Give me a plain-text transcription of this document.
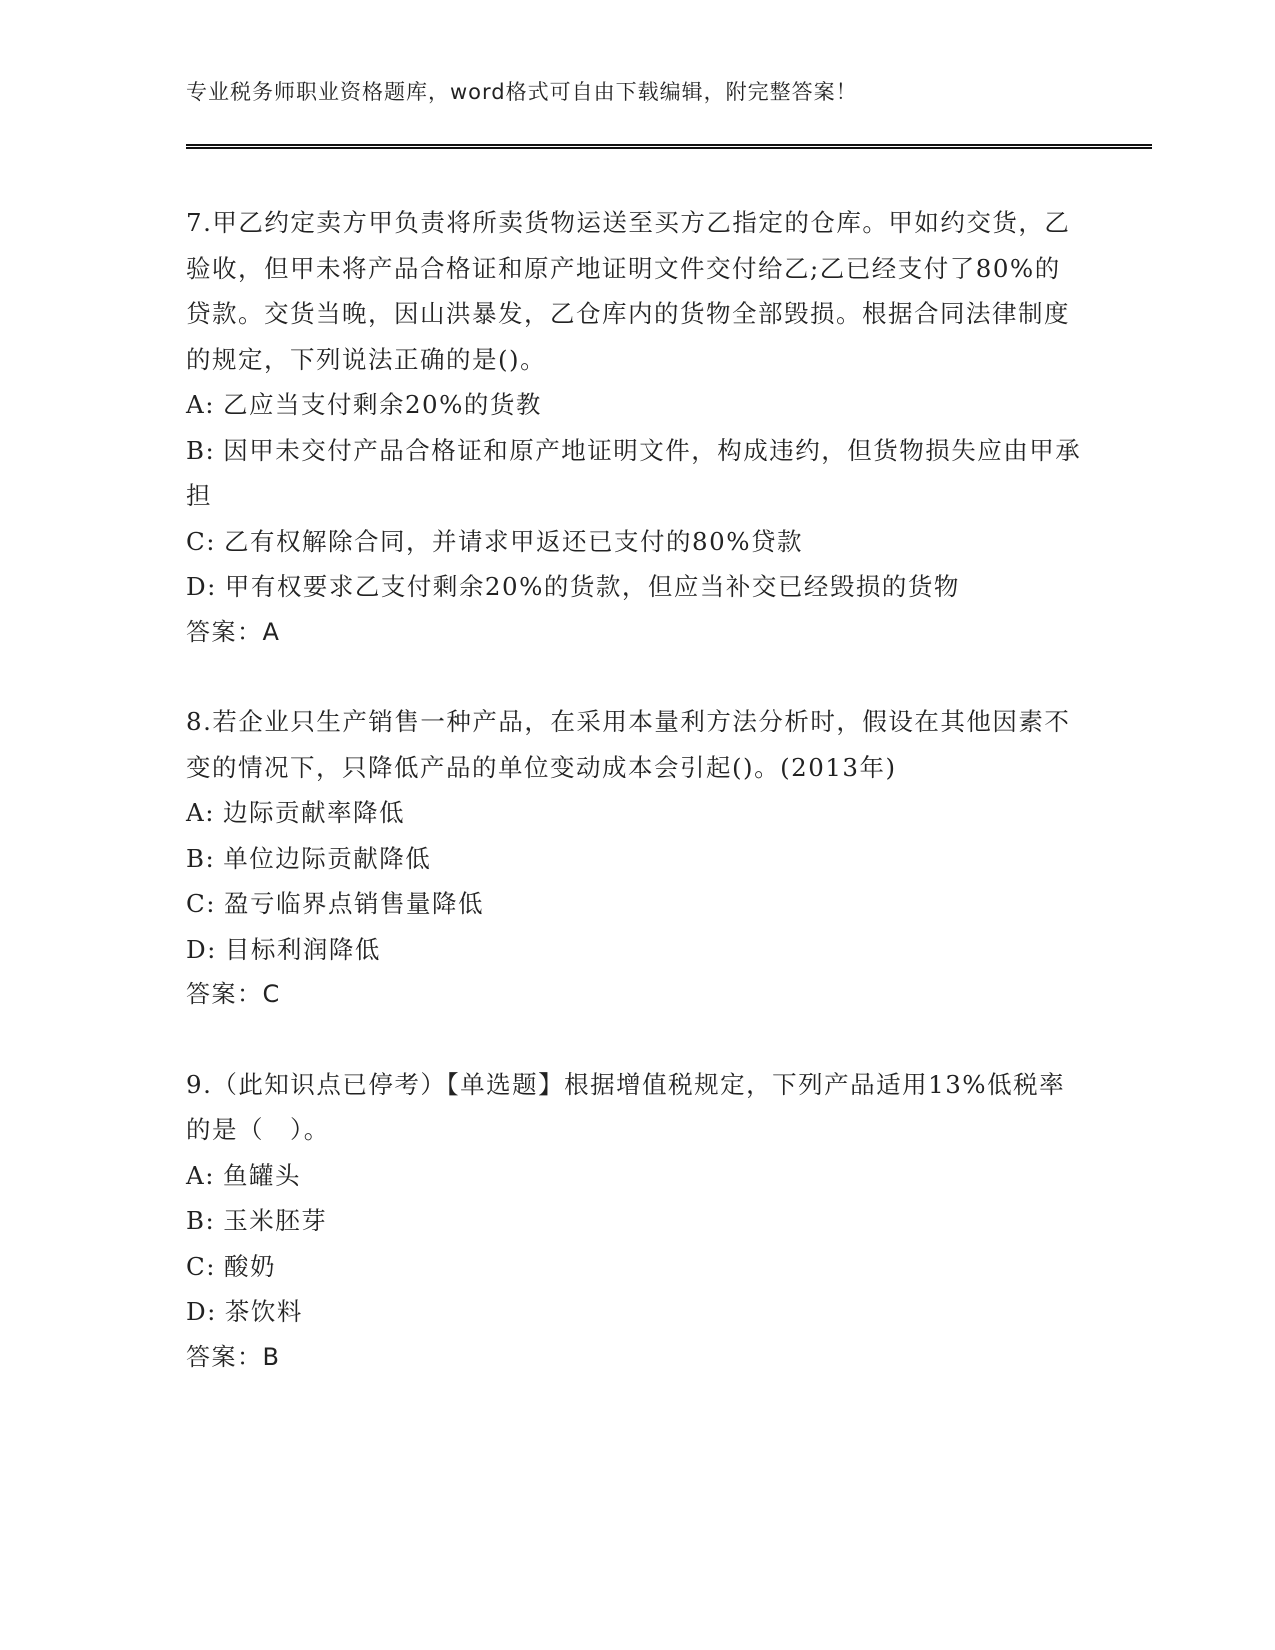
专业税务师职业资格题库，word格式可自由下载编辑，附完整答案！

7.甲乙约定卖方甲负责将所卖货物运送至买方乙指定的仓库。甲如约交货，乙验收，但甲未将产品合格证和原产地证明文件交付给乙;乙已经支付了80%的贷款。交货当晚，因山洪暴发，乙仓库内的货物全部毁损。根据合同法律制度的规定，下列说法正确的是()。

A: 乙应当支付剩余20%的货教

B: 因甲未交付产品合格证和原产地证明文件，构成违约，但货物损失应由甲承担

C: 乙有权解除合同，并请求甲返还已支付的80%贷款

D: 甲有权要求乙支付剩余20%的货款，但应当补交已经毁损的货物

答案：A

8.若企业只生产销售一种产品，在采用本量利方法分析时，假设在其他因素不变的情况下，只降低产品的单位变动成本会引起()。(2013年)

A: 边际贡献率降低

B: 单位边际贡献降低

C: 盈亏临界点销售量降低

D: 目标利润降低

答案：C

9.（此知识点已停考）【单选题】根据增值税规定，下列产品适用13%低税率的是（　）。

A: 鱼罐头

B: 玉米胚芽

C: 酸奶

D: 茶饮料

答案：B
